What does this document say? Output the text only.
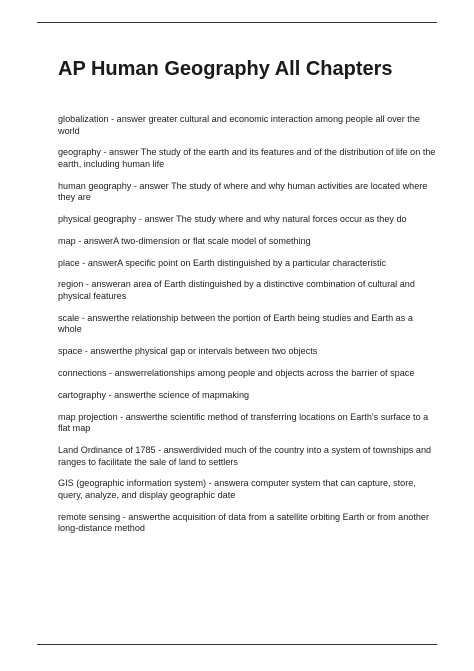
AP Human Geography All Chapters
globalization - answer greater cultural and economic interaction among people all over the world
geography - answer The study of the earth and its features and of the distribution of life on the earth, including human life
human geography - answer The study of where and why human activities are located where they are
physical geography - answer The study where and why natural forces occur as they do
map - answerA two-dimension or flat scale model of something
place - answerA specific point on Earth distinguished by a particular characteristic
region - answeran area of Earth distinguished by a distinctive combination of cultural and physical features
scale - answerthe relationship between the portion of Earth being studies and Earth as a whole
space - answerthe physical gap or intervals between two objects
connections - answerrelationships among people and objects across the barrier of space
cartography - answerthe science of mapmaking
map projection - answerthe scientific method of transferring locations on Earth's surface to a flat map
Land Ordinance of 1785 - answerdivided much of the country into a system of townships and ranges to facilitate the sale of land to settlers
GIS (geographic information system) - answera computer system that can capture, store, query, analyze, and display geographic date
remote sensing - answerthe acquisition of data from a satellite orbiting Earth or from another long-distance method
